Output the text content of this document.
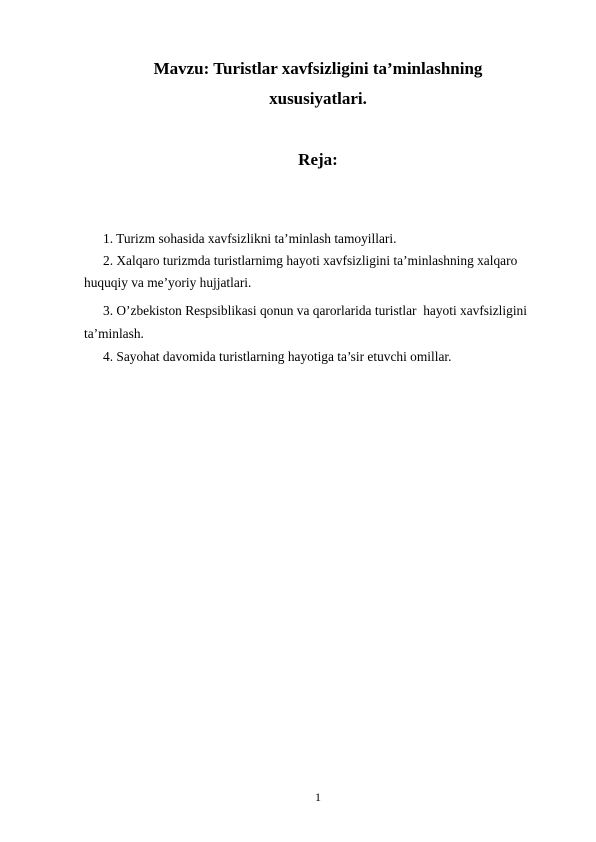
Mavzu: Turistlar xavfsizligini ta’minlashning
xususiyatlari.
Reja:
1. Turizm sohasida xavfsizlikni ta’minlash tamoyillari.
2. Xalqaro turizmda turistlarnimg hayoti xavfsizligini ta’minlashning xalqaro
huquqiy va me’yoriy hujjatlari.
3. O’zbekiston Respsiblikasi qonun va qarorlarida turistlar  hayoti xavfsizligini
ta’minlash.
4. Sayohat davomida turistlarning hayotiga ta’sir etuvchi omillar.
1
